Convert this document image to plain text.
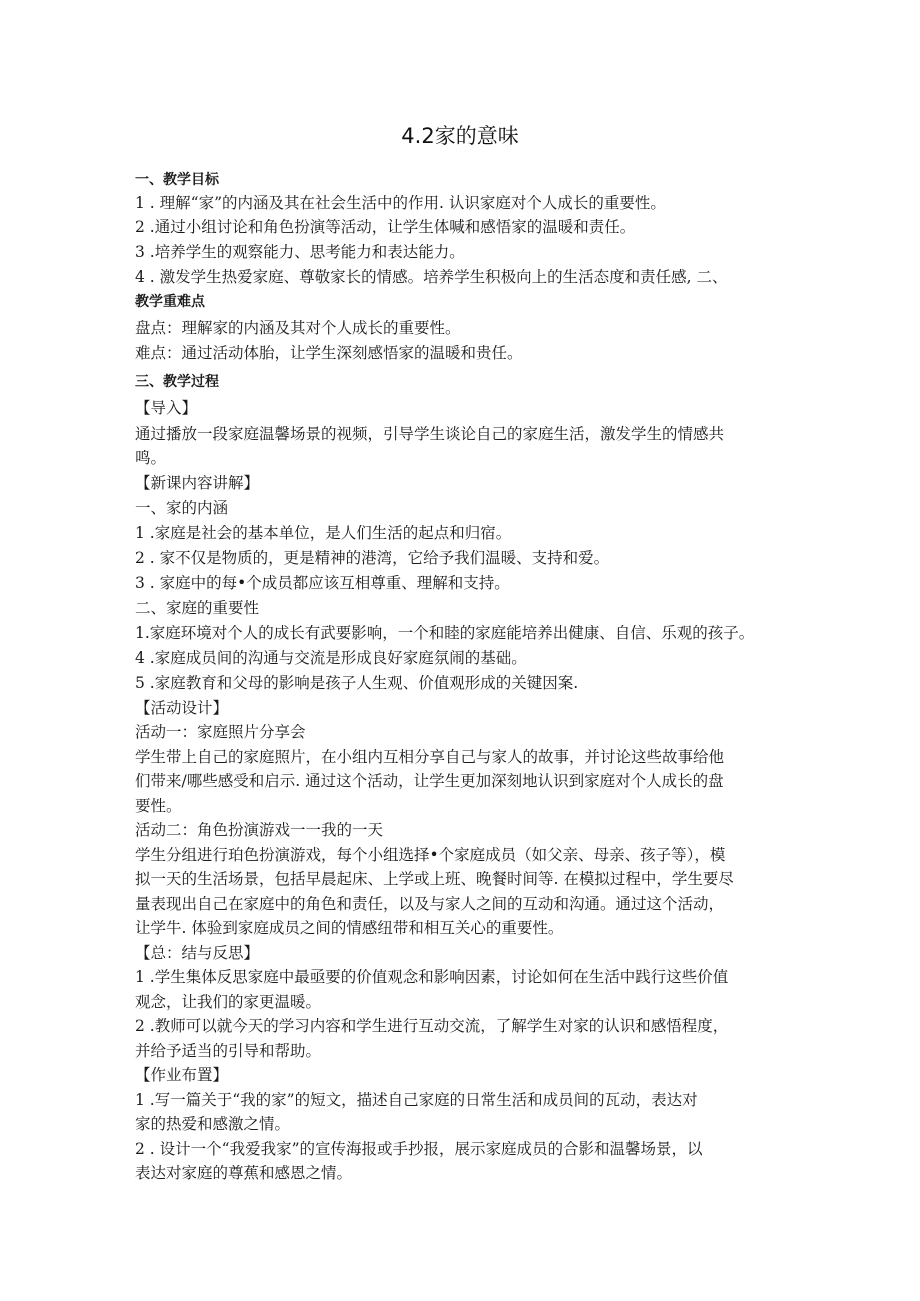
4.2家的意味
一、教学目标
1 . 理解“家”的内涵及其在社会生活中的作用. 认识家庭对个人成长的重要性。
2 .通过小组讨论和角色扮演等活动，让学生体喊和感悟家的温暖和责任。
3 .培养学生的观察能力、思考能力和表达能力。
4 . 激发学生热爱家庭、尊敬家长的情感。培养学生积极向上的生活态度和责任感, 二、
教学重难点
盘点：理解家的内涵及其对个人成长的重要性。
难点：通过活动体胎，让学生深刻感悟家的温暖和贵任。
三、教学过程
【导入】
通过播放一段家庭温馨场景的视频，引导学生谈论自己的家庭生活，激发学生的情感共
鸣。
【新课内容讲解】
一、家的内涵
1 .家庭是社会的基本单位，是人们生活的起点和归宿。
2 . 家不仅是物质的，更是精神的港湾，它给予我们温暖、支持和爱。
3 . 家庭中的每•个成员都应该互相尊重、理解和支持。
二、家庭的重要性
1.家庭环境对个人的成长有武要影响，一个和睦的家庭能培养出健康、自信、乐观的孩子。
4 .家庭成员间的沟通与交流是形成良好家庭氛闹的基础。
5 .家庭教育和父母的影响是孩子人生观、价值观形成的关键因案.
【活动设计】
活动一：家庭照片分享会
学生带上自己的家庭照片，在小组内互相分享自己与家人的故事，并讨论这些故事给他
们带来/哪些感受和启示. 通过这个活动，让学生更加深刻地认识到家庭对个人成长的盘
要性。
活动二：角色扮演游戏一一我的一天
学生分组进行珀色扮演游戏，每个小组选择•个家庭成员（如父亲、母亲、孩子等），模
拟一天的生活场景，包括早晨起床、上学或上班、晚餐时间等. 在模拟过程中，学生要尽
量表现出自己在家庭中的角色和责任，以及与家人之间的互动和沟通。通过这个活动，
让学牛. 体验到家庭成员之间的情感纽带和相互关心的重要性。
【总：结与反思】
1 .学生集体反思家庭中最亟要的价值观念和影响因素，讨论如何在生活中践行这些价值
观念，让我们的家更温暖。
2 .教师可以就今天的学习内容和学生进行互动交流，了解学生对家的认识和感悟程度，
并给予适当的引导和帮助。
【作业布置】
1 .写一篇关于“我的家”的短文，描述自己家庭的日常生活和成员间的瓦动，表达对
家的热爱和感激之情。
2 . 设计一个“我爱我家”的宣传海报或手抄报，展示家庭成员的合影和温馨场景，以
表达对家庭的尊蕉和感恩之情。
